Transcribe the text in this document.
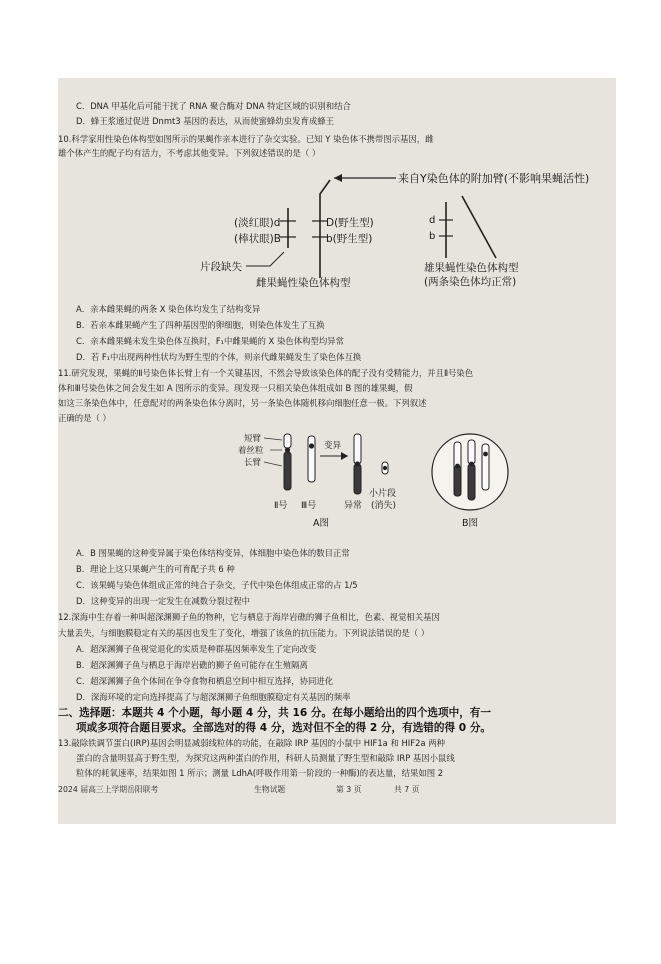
C．DNA 甲基化后可能干扰了 RNA 聚合酶对 DNA 特定区域的识别和结合
D．蜂王浆通过促进 Dnmt3 基因的表达，从而使蜜蜂幼虫发育成蜂王
10.科学家用性染色体构型如图所示的果蝇作亲本进行了杂交实验。已知 Y 染色体不携带图示基因，雌
雄个体产生的配子均有活力，不考虑其他变异。下列叙述错误的是（ ）
来自Y染色体的附加臂(不影响果蝇活性)
(淡红眼)d
(棒状眼)B
片段缺失
D(野生型)
b(野生型)
雌果蝇性染色体构型
d
b
雄果蝇性染色体构型
(两条染色体均正常)
A．亲本雌果蝇的两条 X 染色体均发生了结构变异
B．若亲本雌果蝇产生了四种基因型的卵细胞，则染色体发生了互换
C．亲本雌果蝇未发生染色体互换时，F₁中雌果蝇的 X 染色体构型均异常
D．若 F₁中出现两种性状均为野生型的个体，则亲代雌果蝇发生了染色体互换
11.研究发现，果蝇的Ⅱ号染色体长臂上有一个关键基因，不然会导致该染色体的配子没有受精能力，并且Ⅱ号染色
体和Ⅲ号染色体之间会发生如 A 图所示的变异。现发现一只相关染色体组成如 B 图的雄果蝇，假
如这三条染色体中，任意配对的两条染色体分离时，另一条染色体随机移向细胞任意一极。下列叙述
正确的是（ ）
短臂
着丝粒
长臂
变异
Ⅱ号 Ⅲ号	异常
小片段
(消失)
A图	B图
A．B 图果蝇的这种变异属于染色体结构变异，体细胞中染色体的数目正常
B．理论上这只果蝇产生的可育配子共 6 种
C．该果蝇与染色体组成正常的纯合子杂交，子代中染色体组成正常的占 1/5
D．这种变异的出现一定发生在减数分裂过程中
12.深海中生存着一种叫超深渊狮子鱼的物种，它与栖息于海岸岩礁的狮子鱼相比，色素、视觉相关基因
大量丢失，与细胞膜稳定有关的基因也发生了变化，增强了该鱼的抗压能力。下列说法错误的是（ ）
A．超深渊狮子鱼视觉退化的实质是种群基因频率发生了定向改变
B．超深渊狮子鱼与栖息于海岸岩礁的狮子鱼可能存在生殖隔离
C．超深渊狮子鱼个体间在争夺食物和栖息空间中相互选择，协同进化
D．深海环境的定向选择提高了与超深渊狮子鱼细胞膜稳定有关基因的频率
二、选择题：本题共 4 个小题，每小题 4 分，共 16 分。在每小题给出的四个选项中，有一
项或多项符合题目要求。全部选对的得 4 分，选对但不全的得 2 分，有选错的得 0 分。
13.敲除铁调节蛋白(IRP)基因会明显减弱线粒体的功能，在敲除 IRP 基因的小鼠中 HIF1a 和 HIF2a 两种
蛋白的含量明显高于野生型，为探究这两种蛋白的作用，科研人员测量了野生型和敲除 IRP 基因小鼠线
粒体的耗氧速率，结果如图 1 所示；测量 LdhA(呼吸作用第一阶段的一种酶)的表达量，结果如图 2
2024 届高三上学期岳阳联考	生物试题	第 3 页	共 7 页
